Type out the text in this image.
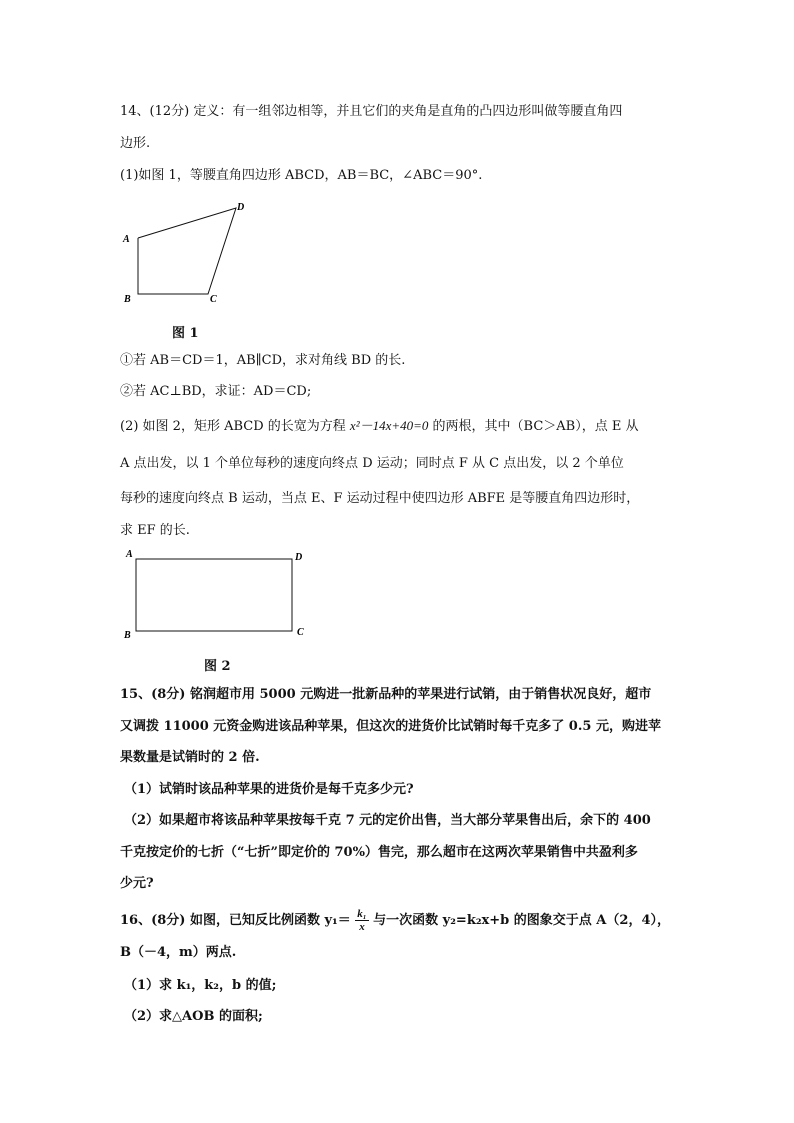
14、(12分) 定义：有一组邻边相等，并且它们的夹角是直角的凸四边形叫做等腰直角四
边形.
(1)如图 1，等腰直角四边形 ABCD，AB＝BC，∠ABC＝90°.
A
B	C
D
图 1
①若 AB＝CD＝1，AB∥CD，求对角线 BD 的长.
②若 AC⊥BD，求证：AD＝CD;
(2) 如图 2，矩形 ABCD 的长宽为方程 x²－14x+40=0 的两根，其中（BC＞AB），点 E 从
A 点出发，以 1 个单位每秒的速度向终点 D 运动；同时点 F 从 C 点出发，以 2 个单位
每秒的速度向终点 B 运动，当点 E、F 运动过程中使四边形 ABFE 是等腰直角四边形时，
求 EF 的长.
A	D
B	C
图 2
15、(8分) 铭润超市用 5000 元购进一批新品种的苹果进行试销，由于销售状况良好，超市
又调拨 11000 元资金购进该品种苹果，但这次的进货价比试销时每千克多了 0.5 元，购进苹
果数量是试销时的 2 倍.
（1）试销时该品种苹果的进货价是每千克多少元?
（2）如果超市将该品种苹果按每千克 7 元的定价出售，当大部分苹果售出后，余下的 400
千克按定价的七折（“七折”即定价的 70%）售完，那么超市在这两次苹果销售中共盈利多
少元?
16、(8分) 如图，已知反比例函数 $y_1= \frac{\text{k₁}}{x}$ 与一次函数 y₂=k₂x+b 的图象交于点 A（2，4），
B（－4，m）两点.
（1）求 k₁，k₂，b 的值;
（2）求△AOB 的面积;
